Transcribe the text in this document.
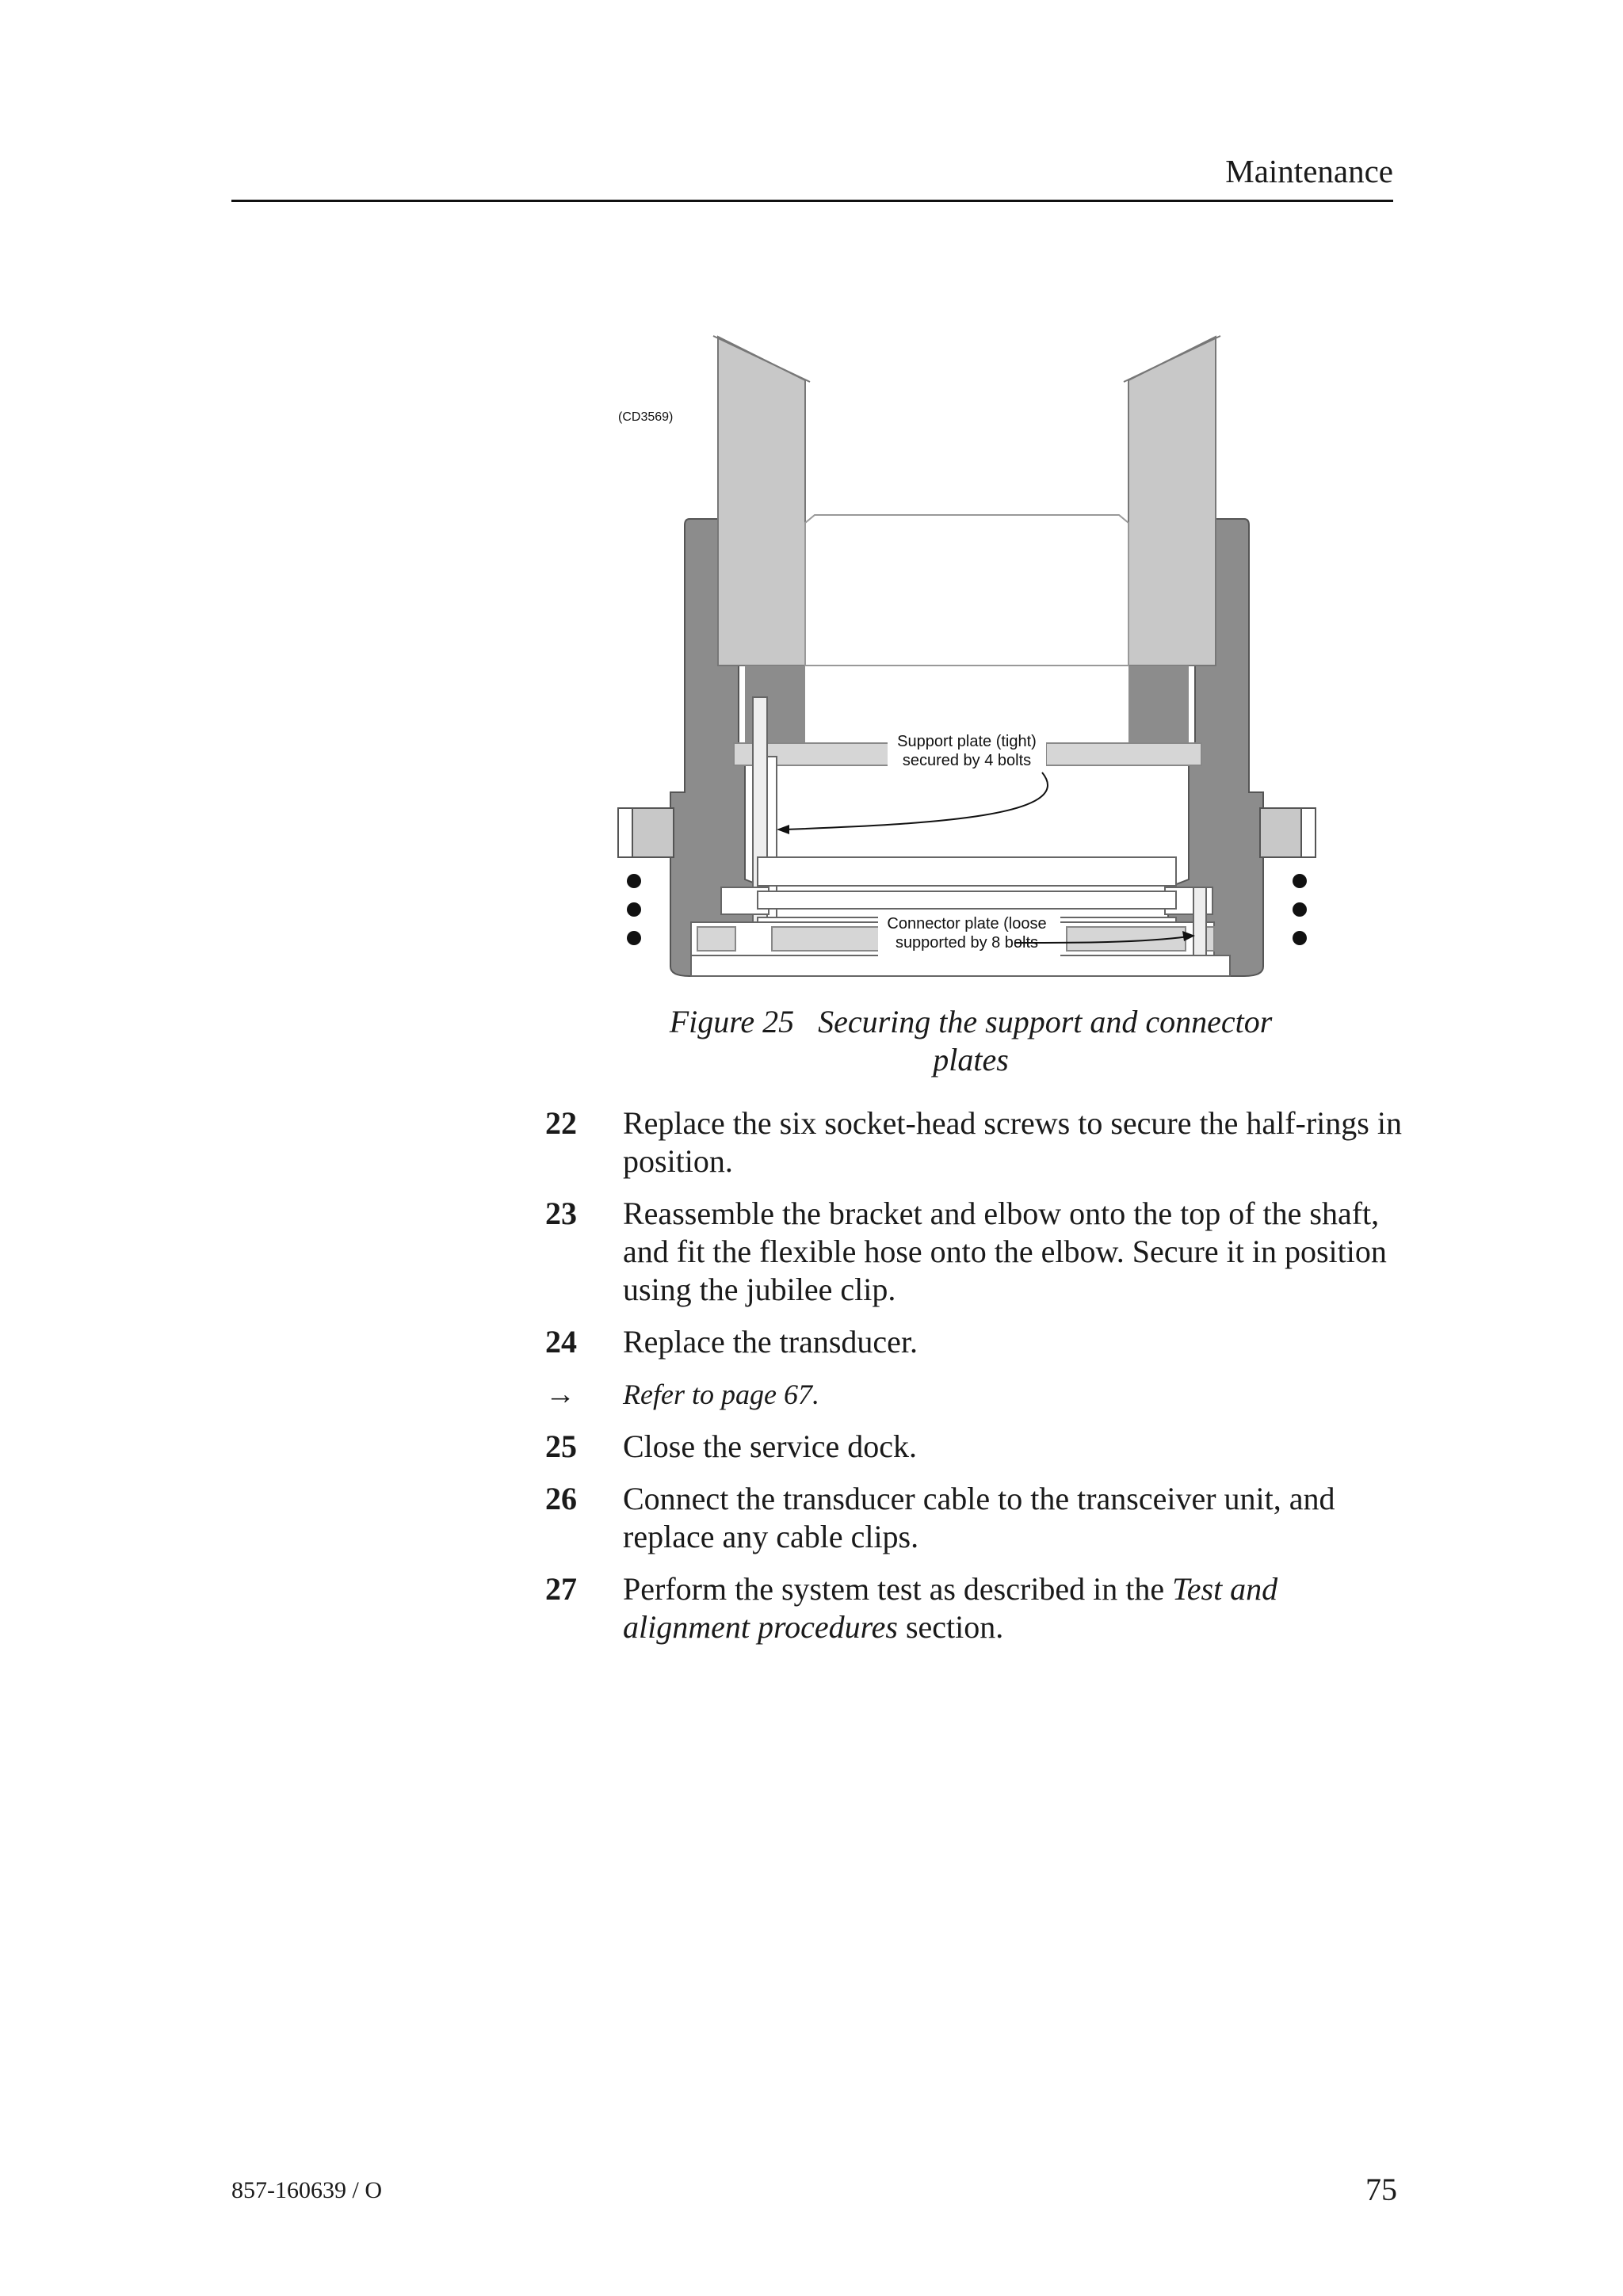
Maintenance
(CD3569)
Support plate (tight)
secured by 4 bolts
Connector plate (loose
supported by 8 bolts
Figure 25   Securing the support and connector
plates
22	Replace the six socket-head screws to secure the half-rings in position.
23	Reassemble the bracket and elbow onto the top of the shaft, and fit the flexible hose onto the elbow. Secure it in position using the jubilee clip.
24	Replace the transducer.
→	Refer to page 67.
25	Close the service dock.
26	Connect the transducer cable to the transceiver unit, and replace any cable clips.
27	Perform the system test as described in the Test and alignment procedures section.
857-160639 / O	75
